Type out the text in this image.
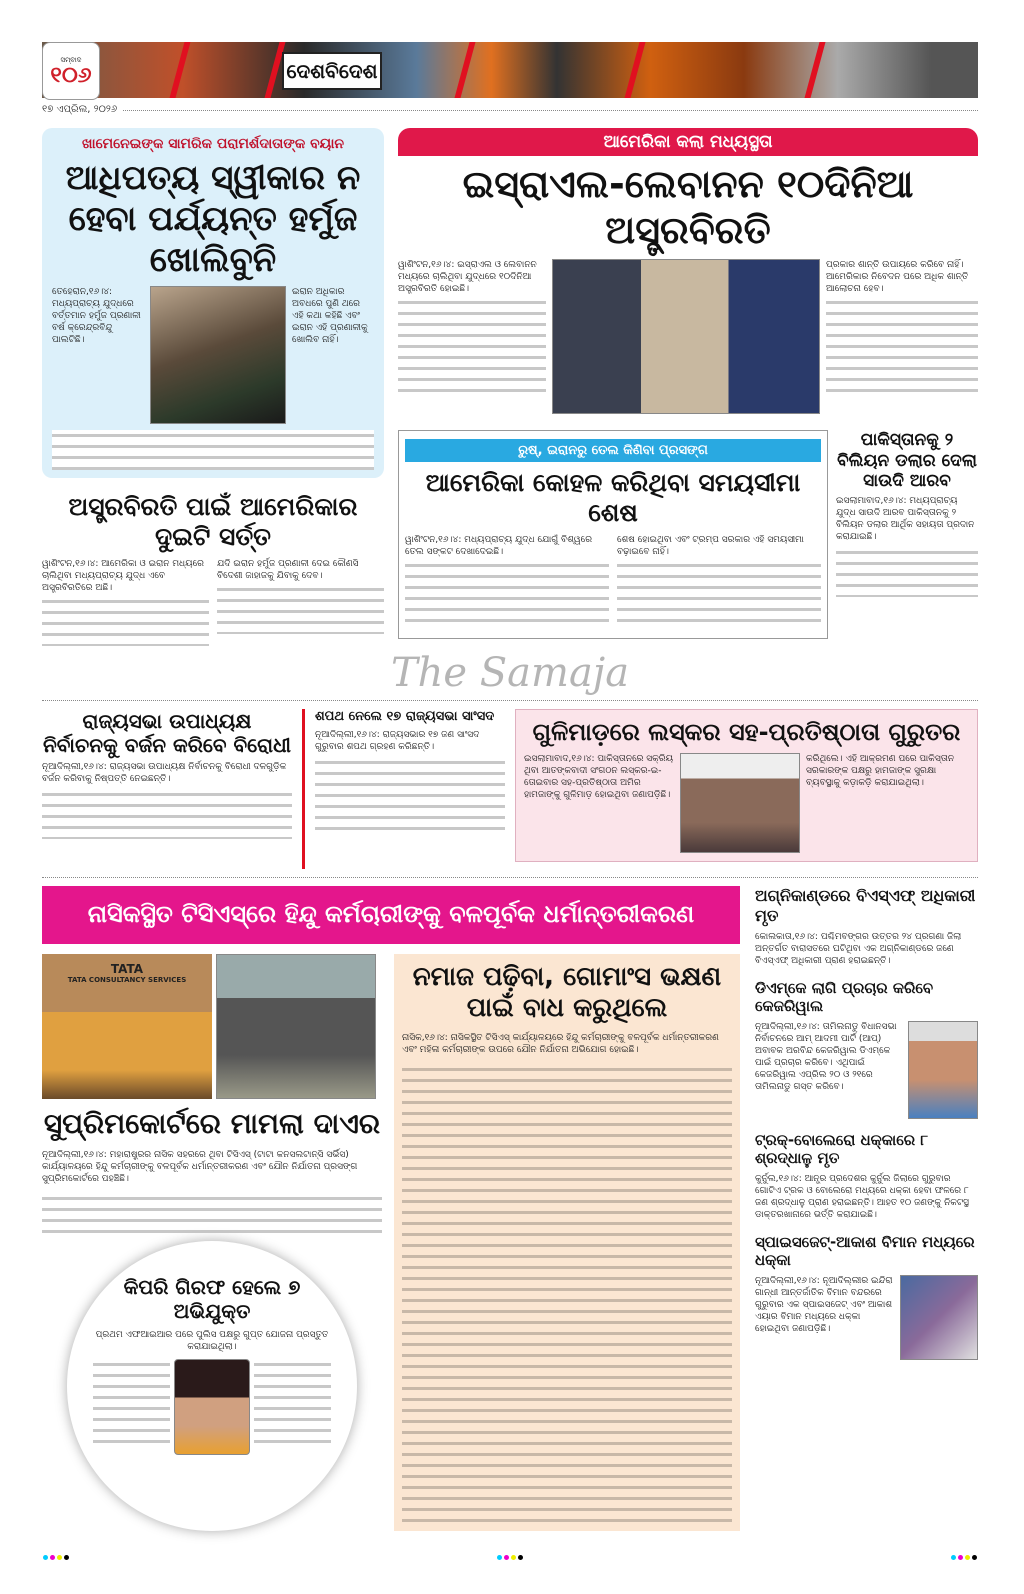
ସମ୍ବାଦ
୧୦୬	ଦେଶବିଦେଶ
୧୭ ଏପ୍ରିଲ, ୨୦୨୬
ଖାମେନେଇଙ୍କ ସାମରିକ ପରାମର୍ଶଦାତାଙ୍କ ବୟାନ
ଆଧିପତ୍ୟ ସ୍ୱୀକାର ନ ହେବା ପର୍ଯ୍ୟନ୍ତ ହର୍ମୁଜ ଖୋଲିବୁନି
ତେହେରାନ,୧୬।୪: ମଧ୍ୟପ୍ରାଚ୍ୟ ଯୁଦ୍ଧରେ ବର୍ତ୍ତମାନ ହର୍ମୁଜ ପ୍ରଣାଳୀ ବର୍ଷ କ୍ରେନ୍ଦ୍ରବିନ୍ଦୁ ପାଲଟିଛି।
ଇରାନ ଅଧିକାର ଅବଧରେ ପୁଣି ଥରେ ଏହି କଥା କହିଛି ଏବଂ ଇରାନ ଏହି ପ୍ରଣାଳୀକୁ ଖୋଲିବ ନାହିଁ।
ଅସ୍ତ୍ରବିରତି ପାଇଁ ଆମେରିକାର ଦୁଇଟି ସର୍ତ୍ତ
ୱାଶିଂଟନ,୧୬।୪: ଆମେରିକା ଓ ଇରାନ ମଧ୍ୟରେ ଚାଲିଥିବା ମଧ୍ୟପ୍ରାଚ୍ୟ ଯୁଦ୍ଧ ଏବେ ଅସ୍ତ୍ରବିରତିରେ ଅଛି।
ଯଦି ଇରାନ ହର୍ମୁଜ ପ୍ରଣାଳୀ ଦେଇ କୌଣସି ବିଦେଶୀ ଜାହାଜକୁ ଯିବାକୁ ଦେବ।
ଆମେରିକା କଲା ମଧ୍ୟସ୍ଥତା
ଇସ୍ରାଏଲ-ଲେବାନନ ୧୦ଦିନିଆ ଅସ୍ତ୍ରବିରତି
ୱାଶିଂଟନ,୧୬।୪: ଇସ୍ରାଏଲ ଓ ଲେବାନନ ମଧ୍ୟରେ ଚାଲିଥିବା ଯୁଦ୍ଧରେ ୧୦ଦିନିଆ ଅସ୍ତ୍ରବିରତି ହୋଇଛି।
ପ୍ରକାର ଶାନ୍ତି ଉପାୟରେ କରିବେ ନାହିଁ। ଆମେରିକାର ନିବେଦନ ପରେ ଅଧିକ ଶାନ୍ତି ଆଲୋଚନା ହେବ।
ରୁଷ୍, ଇରାନରୁ ତେଲ କିଣିବା ପ୍ରସଙ୍ଗ
ଆମେରିକା କୋହଳ କରିଥିବା ସମୟସୀମା ଶେଷ
ୱାଶିଂଟନ,୧୬।୪: ମଧ୍ୟପ୍ରାଚ୍ୟ ଯୁଦ୍ଧ ଯୋଗୁଁ ବିଶ୍ୱରେ ତେଲ ସଙ୍କଟ ଦେଖାଦେଇଛି।
ଶେଷ ହୋଇଥିବା ଏବଂ ଟ୍ରମ୍ପ ସରକାର ଏହି ସମୟସୀମା ବଢ଼ାଇବେ ନାହିଁ।
ପାକିସ୍ତାନକୁ ୨ ବିଲିୟନ ଡଲାର ଦେଲା ସାଉଦି ଆରବ
ଇସଲାମାବାଦ,୧୬।୪: ମଧ୍ୟପ୍ରାଚ୍ୟ ଯୁଦ୍ଧ ସାଉଦି ଆରବ ପାକିସ୍ତାନକୁ ୨ ବିଲିୟନ ଡଲାର ଆର୍ଥିକ ସହାୟତା ପ୍ରଦାନ କରାଯାଇଛି।
The Samaja
ରାଜ୍ୟସଭା ଉପାଧ୍ୟକ୍ଷ ନିର୍ବାଚନକୁ ବର୍ଜନ କରିବେ ବିରୋଧୀ
ନୂଆଦିଲ୍ଲୀ,୧୬।୪: ରାଜ୍ୟସଭା ଉପାଧ୍ୟକ୍ଷ ନିର୍ବାଚନକୁ ବିରୋଧୀ ଦଳଗୁଡ଼ିକ ବର୍ଜନ କରିବାକୁ ନିଷ୍ପତ୍ତି ନେଇଛନ୍ତି।
ଶପଥ ନେଲେ ୧୭ ରାଜ୍ୟସଭା ସାଂସଦ
ନୂଆଦିଲ୍ଲୀ,୧୬।୪: ରାଜ୍ୟସଭାର ୧୭ ଜଣ ସାଂସଦ ଗୁରୁବାର ଶପଥ ଗ୍ରହଣ କରିଛନ୍ତି।
ଗୁଳିମାଡ଼ରେ ଲସ୍କର ସହ-ପ୍ରତିଷ୍ଠାତା ଗୁରୁତର
ଇସଲାମାବାଦ,୧୬।୪: ପାକିସ୍ତାନରେ ସକ୍ରିୟ ଥିବା ଆତଙ୍କବାଦୀ ସଂଗଠନ ଲସ୍କର-ଇ-ତୋଇବାର ସହ-ପ୍ରତିଷ୍ଠାତା ଅମିର ହାମଜାଙ୍କୁ ଗୁଳିମାଡ଼ ହୋଇଥିବା ଜଣାପଡ଼ିଛି।
କରିଥିଲେ। ଏହି ଆକ୍ରମଣ ପରେ ପାକିସ୍ତାନ ସରକାରଙ୍କ ପକ୍ଷରୁ ହାମଜାଙ୍କ ସୁରକ୍ଷା ବ୍ୟବସ୍ଥାକୁ କଡ଼ାକଡ଼ି କରାଯାଇଥିଲା।
ନାସିକସ୍ଥିତ ଟିସିଏସ୍‌ରେ ହିନ୍ଦୁ କର୍ମଚାରୀଙ୍କୁ ବଳପୂର୍ବକ ଧର୍ମାନ୍ତରୀକରଣ
TATA
TATA CONSULTANCY SERVICES
ସୁପ୍ରିମକୋର୍ଟରେ ମାମଲା ଦାଏର
ନୂଆଦିଲ୍ଲୀ,୧୬।୪: ମହାରାଷ୍ଟ୍ରର ନାସିକ ସହରରେ ଥିବା ଟିସିଏସ୍ (ଟାଟା କନସଲଟାନ୍ସି ସର୍ଭିସ) କାର୍ଯ୍ୟାଳୟରେ ହିନ୍ଦୁ କର୍ମଚାରୀଙ୍କୁ ବଳପୂର୍ବକ ଧର୍ମାନ୍ତରୀକରଣ ଏବଂ ଯୌନ ନିର୍ଯାତନା ପ୍ରସଙ୍ଗ ସୁପ୍ରିମକୋର୍ଟରେ ପହଞ୍ଚିଛି।
କିପରି ଗିରଫ ହେଲେ ୭ ଅଭିଯୁକ୍ତ
ପ୍ରଥମ ଏଫଆଇଆର ପରେ ପୁଲିସ ପକ୍ଷରୁ ଗୁପ୍ତ ଯୋଜନା ପ୍ରସ୍ତୁତ କରାଯାଇଥିଲା।
ନମାଜ ପଢ଼ିବା, ଗୋମାଂସ ଭକ୍ଷଣ ପାଇଁ ବାଧ କରୁଥିଲେ
ନାସିକ,୧୬।୪: ନାସିକସ୍ଥିତ ଟିସିଏସ୍ କାର୍ଯ୍ୟାଳୟରେ ହିନ୍ଦୁ କର୍ମଚାରୀଙ୍କୁ ବଳପୂର୍ବକ ଧର୍ମାନ୍ତରୀକରଣ ଏବଂ ମହିଳା କର୍ମଚାରୀଙ୍କ ଉପରେ ଯୌନ ନିର୍ଯାତନା ଅଭିଯୋଗ ହୋଇଛି।
ଅଗ୍ନିକାଣ୍ଡରେ ବିଏସ୍‌ଏଫ୍ ଅଧିକାରୀ ମୃତ
କୋଲକାତା,୧୬।୪: ପଶ୍ଚିମବଙ୍ଗର ଉତ୍ତର ୨୪ ପ୍ରଗଣା ଜିଲା ଅନ୍ତର୍ଗତ ବାରାସତରେ ଘଟିଥିବା ଏକ ଅଗ୍ନିକାଣ୍ଡରେ ଜଣେ ବିଏସ୍‌ଏଫ୍ ଅଧିକାରୀ ପ୍ରାଣ ହରାଇଛନ୍ତି।
ଡିଏମ୍‌କେ ଲାଗି ପ୍ରଚାର କରିବେ କେଜରିୱାଲ
ନୂଆଦିଲ୍ଲୀ,୧୬।୪: ତାମିଲନାଡୁ ବିଧାନସଭା ନିର୍ବାଚନରେ ଆମ୍ ଆଦମୀ ପାର୍ଟି (ଆପ୍) ଅବାବକ ଅରବିନ୍ଦ କେଜରିୱାଲ ଡିଏମ୍‌କେ ପାଇଁ ପ୍ରଚାର କରିବେ। ଏଥିପାଇଁ କେଜରିୱାଲ ଏପ୍ରିଲ ୨୦ ଓ ୨୧ରେ ତାମିଲନାଡୁ ଗସ୍ତ କରିବେ।
ଟ୍ରକ୍-ବୋଲେରୋ ଧକ୍କାରେ ୮ ଶ୍ରଦ୍ଧାଳୁ ମୃତ
କୁର୍ନୁଲ,୧୬।୪: ଆନ୍ଧ୍ର ପ୍ରଦେଶର କୁର୍ନୁଲ ଜିଲାରେ ଗୁରୁବାର ଗୋଟିଏ ଟ୍ରକ ଓ ବୋଲେରୋ ମଧ୍ୟରେ ଧକ୍କା ହେବା ଫଳରେ ୮ ଜଣ ଶ୍ରଦ୍ଧାଳୁ ପ୍ରାଣ ହରାଇଛନ୍ତି। ଆହତ ୧୦ ଜଣଙ୍କୁ ନିକଟସ୍ଥ ଡାକ୍ତରଖାନାରେ ଭର୍ତ୍ତି କରାଯାଇଛି।
ସ୍ପାଇସଜେଟ୍-ଆକାଶ ବିମାନ ମଧ୍ୟରେ ଧକ୍କା
ନୂଆଦିଲ୍ଲୀ,୧୬।୪: ନୂଆଦିଲ୍ଲୀର ଇନ୍ଦିରା ଗାନ୍ଧୀ ଆନ୍ତର୍ଜାତିକ ବିମାନ ବନ୍ଦରରେ ଗୁରୁବାର ଏକ ସ୍ପାଇସଜେଟ୍ ଏବଂ ଆକାଶ ଏୟାର ବିମାନ ମଧ୍ୟରେ ଧକ୍କା ହୋଇଥିବା ଜଣାପଡ଼ିଛି।
